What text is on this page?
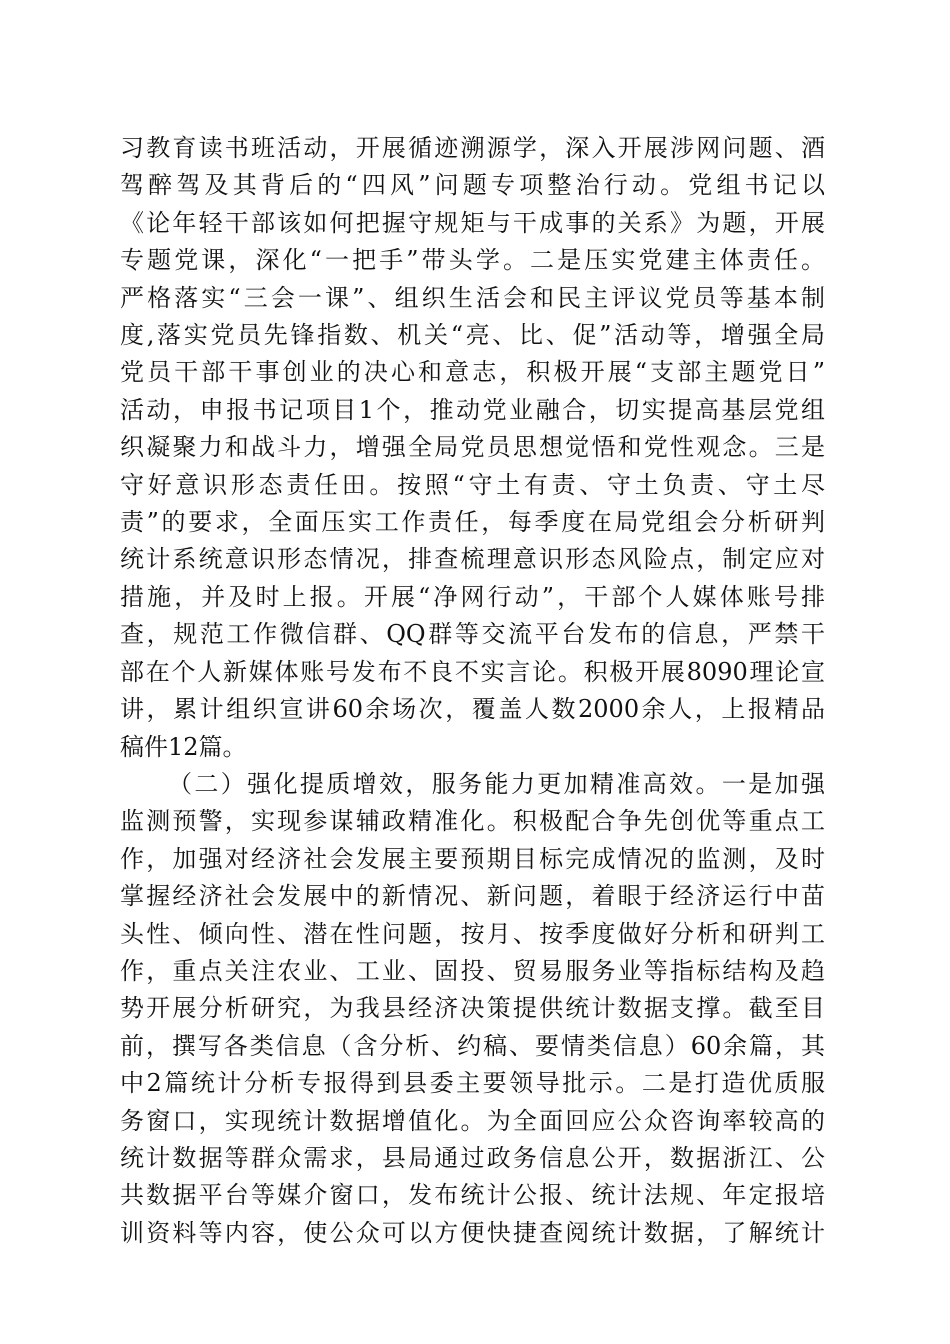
习教育读书班活动，开展循迹溯源学，深入开展涉网问题、酒
驾醉驾及其背后的“四风”问题专项整治行动。党组书记以
《论年轻干部该如何把握守规矩与干成事的关系》为题，开展
专题党课，深化“一把手”带头学。二是压实党建主体责任。
严格落实“三会一课”、组织生活会和民主评议党员等基本制
度,落实党员先锋指数、机关“亮、比、促”活动等，增强全局
党员干部干事创业的决心和意志，积极开展“支部主题党日”
活动，申报书记项目1个，推动党业融合，切实提高基层党组
织凝聚力和战斗力，增强全局党员思想觉悟和党性观念。三是
守好意识形态责任田。按照“守土有责、守土负责、守土尽
责”的要求，全面压实工作责任，每季度在局党组会分析研判
统计系统意识形态情况，排查梳理意识形态风险点，制定应对
措施，并及时上报。开展“净网行动”，干部个人媒体账号排
查，规范工作微信群、QQ群等交流平台发布的信息，严禁干
部在个人新媒体账号发布不良不实言论。积极开展8090理论宣
讲，累计组织宣讲60余场次，覆盖人数2000余人，上报精品
稿件12篇。
（二）强化提质增效，服务能力更加精准高效。一是加强
监测预警，实现参谋辅政精准化。积极配合争先创优等重点工
作，加强对经济社会发展主要预期目标完成情况的监测，及时
掌握经济社会发展中的新情况、新问题，着眼于经济运行中苗
头性、倾向性、潜在性问题，按月、按季度做好分析和研判工
作，重点关注农业、工业、固投、贸易服务业等指标结构及趋
势开展分析研究，为我县经济决策提供统计数据支撑。截至目
前，撰写各类信息（含分析、约稿、要情类信息）60余篇，其
中2篇统计分析专报得到县委主要领导批示。二是打造优质服
务窗口，实现统计数据增值化。为全面回应公众咨询率较高的
统计数据等群众需求，县局通过政务信息公开，数据浙江、公
共数据平台等媒介窗口，发布统计公报、统计法规、年定报培
训资料等内容，使公众可以方便快捷查阅统计数据，了解统计
